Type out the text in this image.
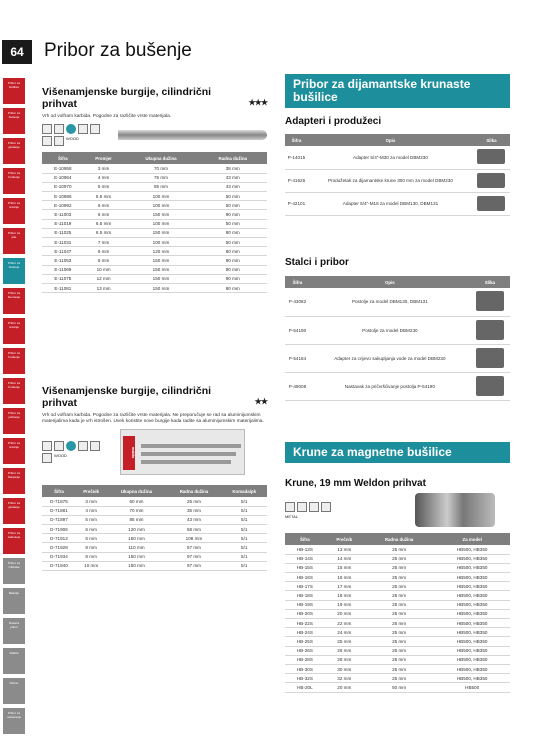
64	Pribor za bušenje
Pribor za
bušilice
Pribor za
bušenje
Pribor za
glodanje
Pribor za
brušenje
Pribor za
rezanje
Pribor za
pile
Pribor za
bušenje
Pribor za
štemanje
Pribor za
rezanje
Pribor za
brušenje
Pribor za
brušenje
Pribor za
poliranje
Pribor za
rezanje
Pribor za
blanjanje
Pribor za
glodanje
Pribor za
zakivanje
Pribor za
vrtlarske
Baterije
Dodatni
pribor
Zaštita
Razno
Pribor za
usisavanje
Višenamjenske burgije, cilindrični prihvat	★★★
Vrh od volfram karbida. Pogodne za različite vrste materijala.
WOOD
Šifra	Promjer	Ukupna dužina	Radna dužina
E-10958	3 mm	70 mm	38 mm
E-10964	4 mm	75 mm	43 mm
E-10970	5 mm	85 mm	43 mm
E-10986	5.5 mm	100 mm	50 mm
E-10992	6 mm	100 mm	50 mm
E-11003	6 mm	150 mm	90 mm
E-11019	6.5 mm	100 mm	50 mm
E-11025	6.5 mm	150 mm	90 mm
E-11031	7 mm	100 mm	50 mm
E-11047	8 mm	120 mm	60 mm
E-11053	8 mm	150 mm	90 mm
E-11069	10 mm	150 mm	90 mm
E-11075	12 mm	150 mm	90 mm
E-11081	13 mm	150 mm	90 mm
Višenamjenske burgije, cilindrični prihvat	★★
Vrh od volfram karbida. Pogodne za različite vrste materijala. Ne preporučuje se rad sa aluminijumskim materijalima kada je vrh istrošen. Uvek koristite nove burgije kada radite sa aluminijumskim materijalima.
WOOD	makita
Šifra	Prečnik	Ukupna dužina	Radna dužina	Komada/pk
D-71875	3 mm	60 mm	26 mm	5/1
D-71881	4 mm	70 mm	35 mm	5/1
D-71897	5 mm	85 mm	43 mm	5/1
D-71906	6 mm	120 mm	58 mm	5/1
D-71912	6 mm	150 mm	108 mm	5/1
D-71928	8 mm	110 mm	57 mm	5/1
D-71934	8 mm	150 mm	97 mm	5/1
D-71940	10 mm	150 mm	97 mm	5/1
Pribor za dijamantske krunaste bušilice
Adapteri i produžeci
Šifra	Opis	Slika
P-14015	Adapter 5/4"-M30 za model DBM230	
P-41626	Produžetak za dijamantske krune 300 mm za model DBM230	
P-42101	Adapter 5/4"-M18 za model DBM130, DBM131	
Stalci i pribor
Šifra	Opis	Slika
P-43082	Postolje za model DBM130, DBM131	
P-54190	Postolje za model DBM230	
P-54184	Adapter za crijevo sakupljanja vode za model DBM230	
P-49008	Nastavak za pričvršćivanje postolja P-54190	
Krune za magnetne bušilice
Krune, 19 mm Weldon prihvat
METAL
Šifra	Prečnik	Radna dužina	Za model
HB-13S	13 mm	25 mm	HB500, HB350
HB-14S	14 mm	25 mm	HB500, HB350
HB-15S	15 mm	25 mm	HB500, HB350
HB-16S	16 mm	25 mm	HB500, HB350
HB-17S	17 mm	25 mm	HB500, HB350
HB-18S	18 mm	25 mm	HB500, HB350
HB-19S	19 mm	25 mm	HB500, HB350
HB-20S	20 mm	25 mm	HB500, HB350
HB-22S	22 mm	25 mm	HB500, HB350
HB-24S	24 mm	25 mm	HB500, HB350
HB-25S	25 mm	25 mm	HB500, HB350
HB-26S	26 mm	25 mm	HB500, HB350
HB-28S	28 mm	25 mm	HB500, HB350
HB-30S	30 mm	25 mm	HB500, HB350
HB-32S	32 mm	25 mm	HB500, HB350
HB-20L	20 mm	50 mm	HB500
